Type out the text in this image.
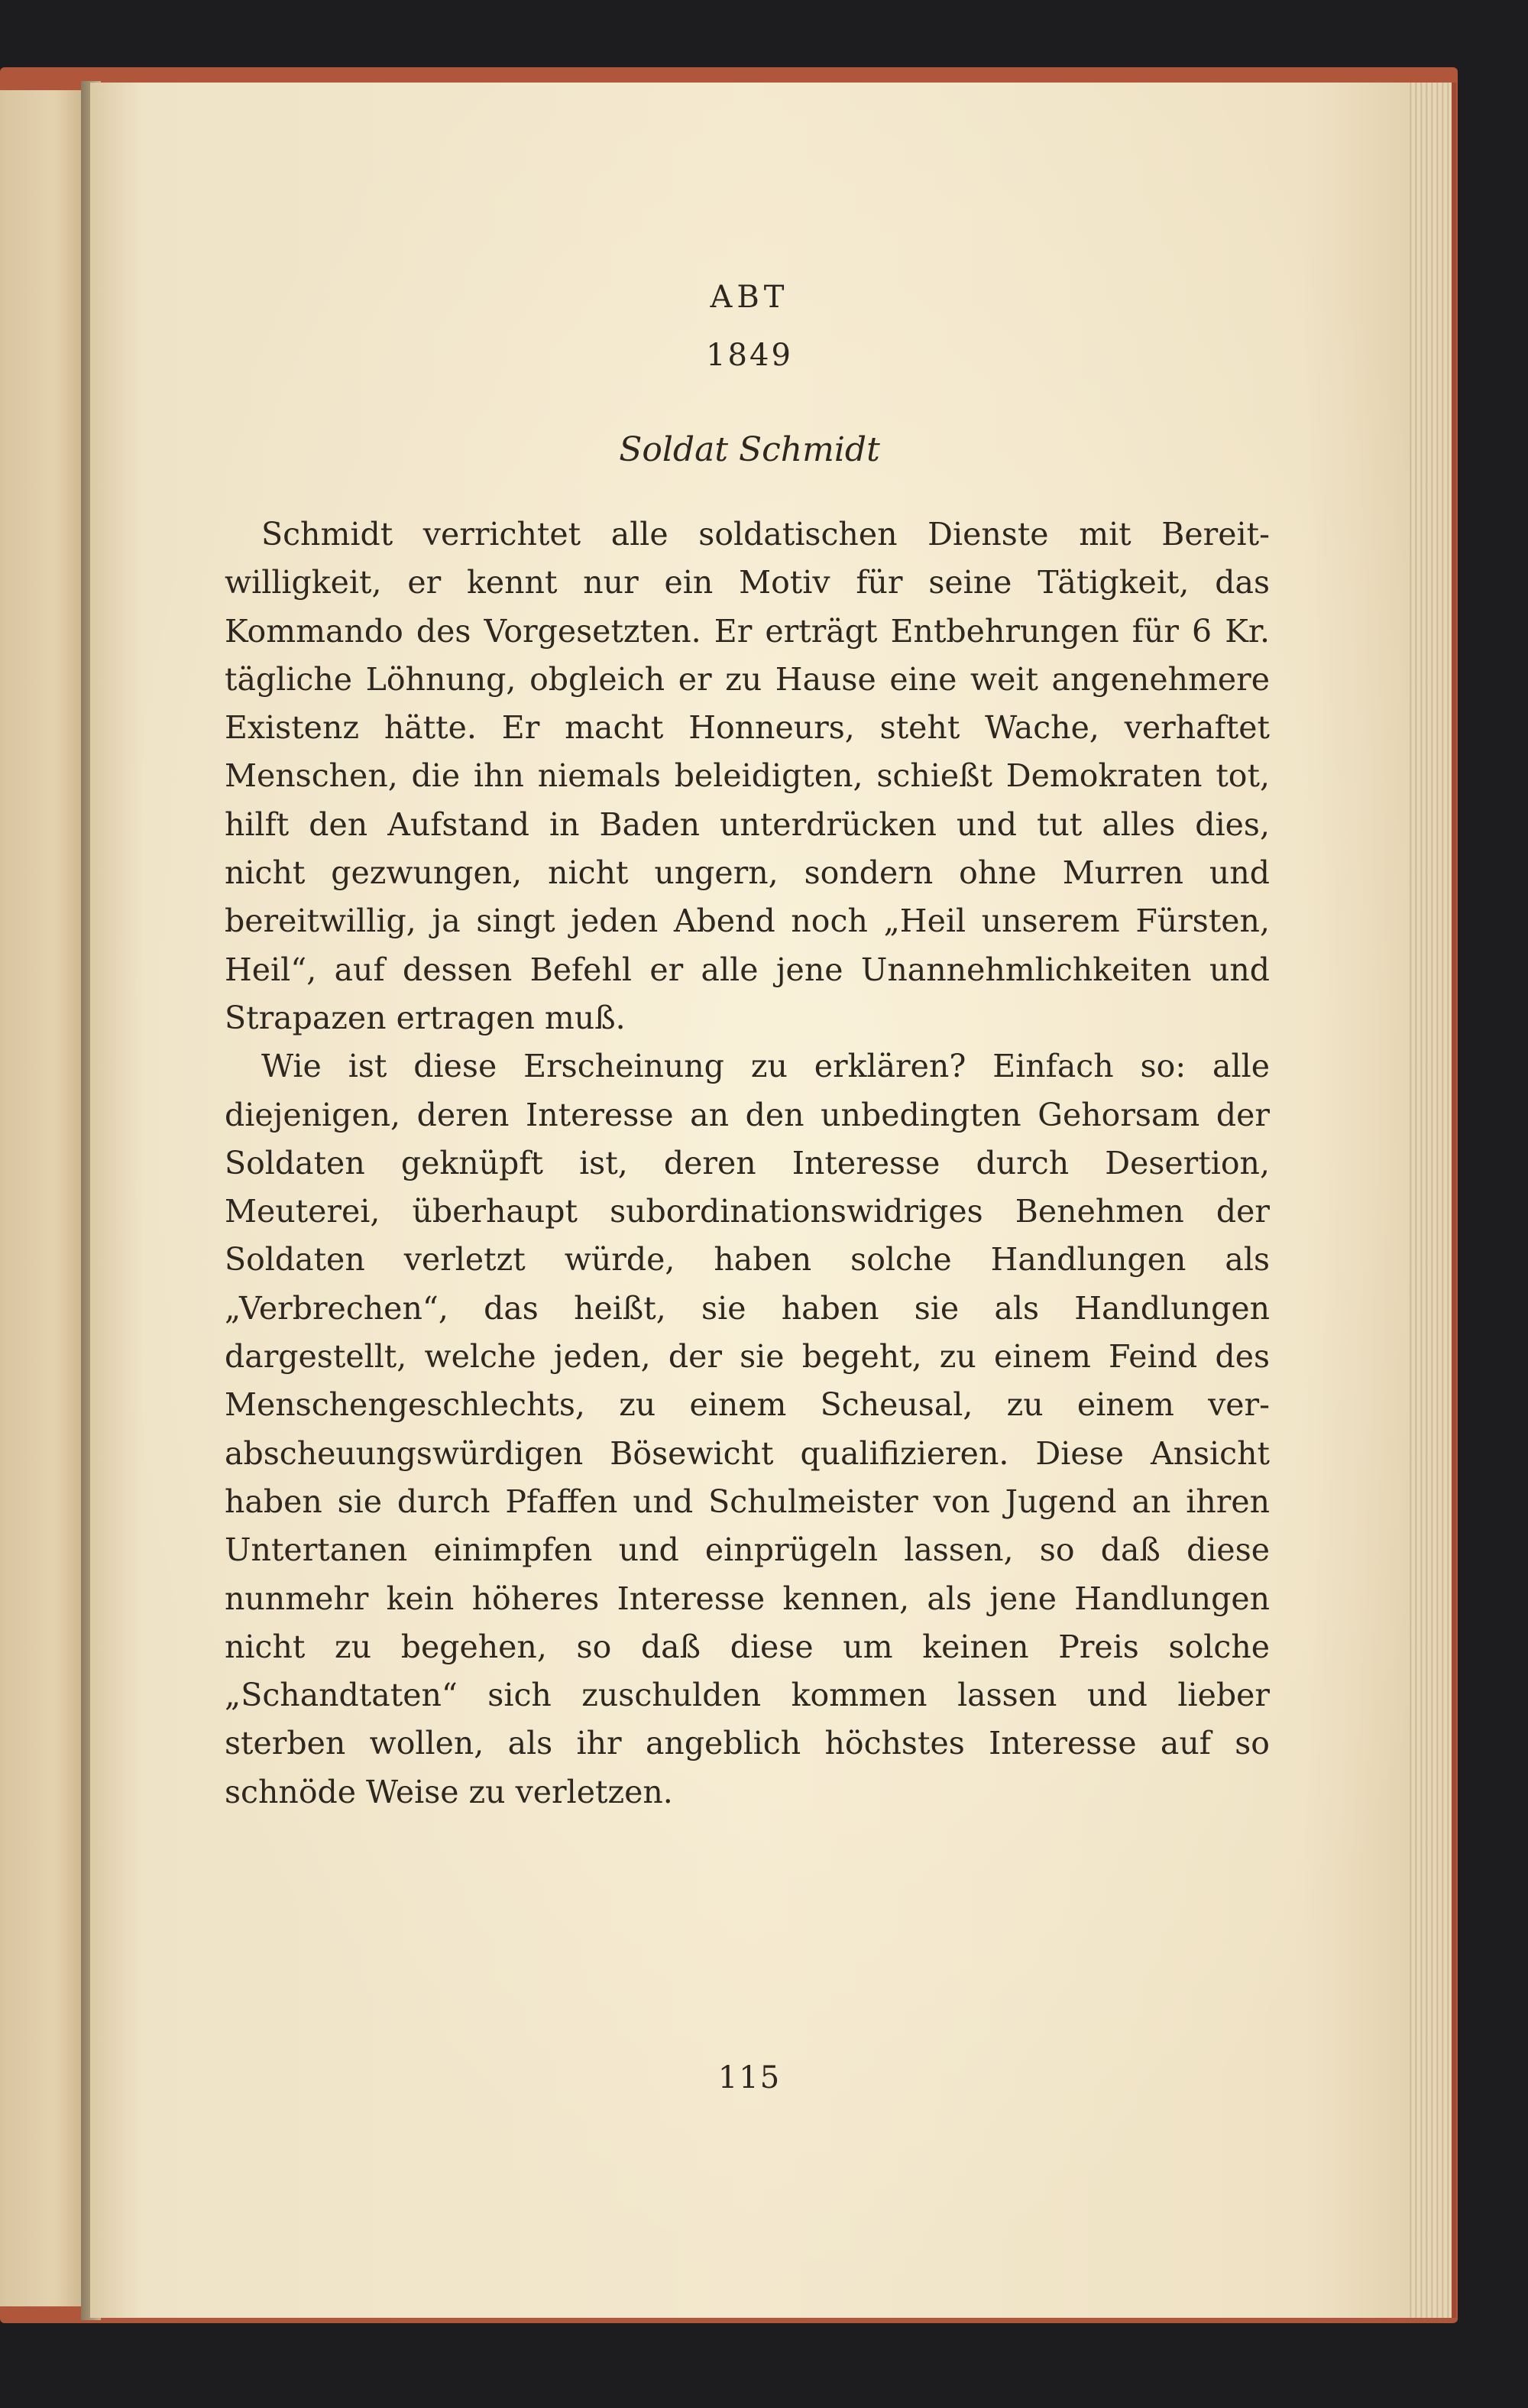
ABT
1849
Soldat Schmidt

Schmidt verrichtet alle soldatischen Dienste mit Bereitwilligkeit, er kennt nur ein Motiv für seine Tätigkeit, das Kommando des Vorgesetzten. Er erträgt Entbehrungen für 6 Kr. tägliche Löhnung, obgleich er zu Hause eine weit angenehmere Existenz hätte. Er macht Honneurs, steht Wache, verhaftet Menschen, die ihn niemals beleidigten, schießt Demokraten tot, hilft den Aufstand in Baden unterdrücken und tut alles dies, nicht gezwungen, nicht ungern, sondern ohne Murren und bereitwillig, ja singt jeden Abend noch „Heil unserem Fürsten, Heil“, auf dessen Befehl er alle jene Unannehmlichkeiten und Strapazen ertragen muß.

Wie ist diese Erscheinung zu erklären? Einfach so: alle diejenigen, deren Interesse an den unbedingten Gehorsam der Soldaten geknüpft ist, deren Interesse durch Desertion, Meuterei, überhaupt subordinationswidriges Benehmen der Soldaten verletzt würde, haben solche Handlungen als „Verbrechen“, das heißt, sie haben sie als Handlungen dargestellt, welche jeden, der sie begeht, zu einem Feind des Menschengeschlechts, zu einem Scheusal, zu einem verabscheuungswürdigen Bösewicht qualifizieren. Diese Ansicht haben sie durch Pfaffen und Schulmeister von Jugend an ihren Untertanen einimpfen und einprügeln lassen, so daß diese nunmehr kein höheres Interesse kennen, als jene Handlungen nicht zu begehen, so daß diese um keinen Preis solche „Schandtaten“ sich zuschulden kommen lassen und lieber sterben wollen, als ihr angeblich höchstes Interesse auf so schnöde Weise zu verletzen.

115
